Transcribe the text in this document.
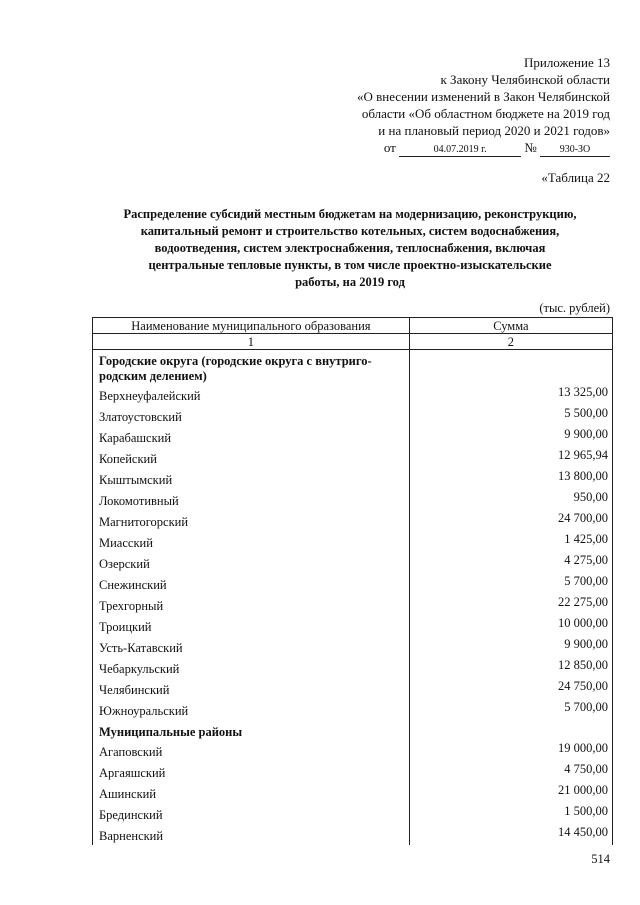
Приложение 13
к Закону Челябинской области
«О внесении изменений в Закон Челябинской
области «Об областном бюджете на 2019 год
и на плановый период 2020 и 2021 годов»
от	04.07.2019 г.	№ 930-ЗО
«Таблица 22
Распределение субсидий местным бюджетам на модернизацию, реконструкцию,
капитальный ремонт и строительство котельных, систем водоснабжения,
водоотведения, систем электроснабжения, теплоснабжения, включая
центральные тепловые пункты, в том числе проектно-изыскательские
работы, на 2019 год
(тыс. рублей)
Наименование муниципального образования	Сумма
1	2

Городские округа (городские округа с внутриго-
родским делением)	

Верхнеуфалейский	13 325,00
Златоустовский	5 500,00
Карабашский	9 900,00
Копейский	12 965,94
Кыштымский	13 800,00
Локомотивный	950,00
Магнитогорский	24 700,00
Миасский	1 425,00
Озерский	4 275,00
Снежинский	5 700,00
Трехгорный	22 275,00
Троицкий	10 000,00
Усть-Катавский	9 900,00
Чебаркульский	12 850,00
Челябинский	24 750,00
Южноуральский	5 700,00
Муниципальные районы	
Агаповский	19 000,00
Аргаяшский	4 750,00
Ашинский	21 000,00
Брединский	1 500,00
Варненский	14 450,00
514
